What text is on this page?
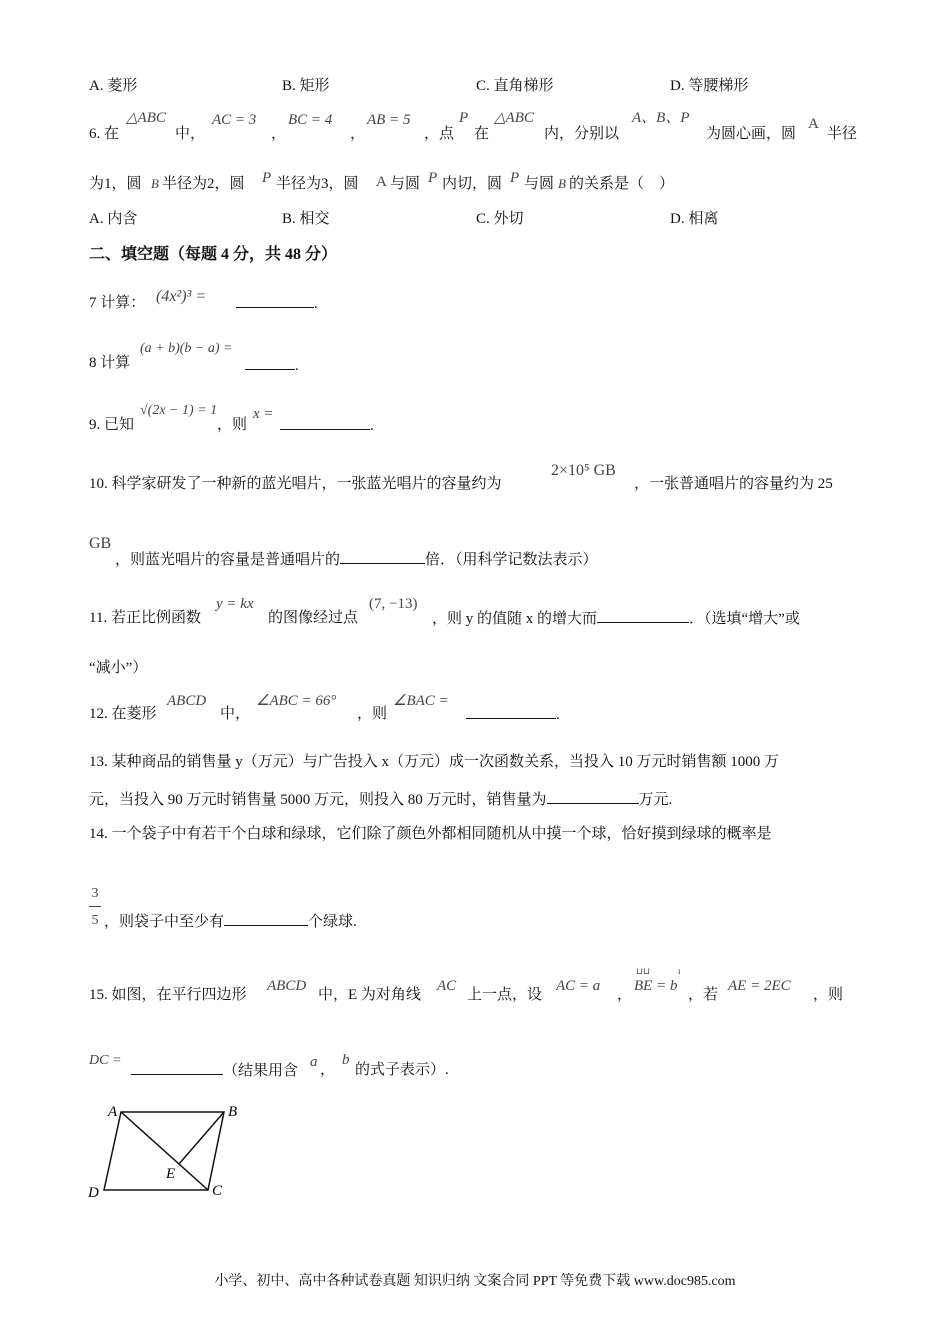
A. 菱形	B. 矩形	C. 直角梯形	D. 等腰梯形
6. 在
△ABC
中，
AC = 3
，
BC = 4
，
AB = 5
，点
P
在
△ABC
内，分别以
A、B、P
为圆心画，圆
A
半径
为1，圆 B 半径为2，圆 P 半径为3，圆 A 与圆 P 内切，圆 P 与圆 B 的关系是（　）
A. 内含	B. 相交	C. 外切	D. 相离
二、填空题（每题 4 分，共 48 分）
7 计算： (4x²)³ =	.
(a + b)(b − a) =
8 计算	.
9. 已知
√(2x − 1) = 1
，则
x =
.
10. 科学家研发了一种新的蓝光唱片，一张蓝光唱片的容量约为
2×10⁵ GB
，一张普通唱片的容量约为 25
GB
，则蓝光唱片的容量是普通唱片的	倍．（用科学记数法表示）
11. 若正比例函数
y = kx
的图像经过点
(7, −13)
，则 y 的值随 x 的增大而	．（选填“增大”或
“减小”）
12. 在菱形
ABCD
中，
∠ABC = 66°
，则
∠BAC =
.
13. 某种商品的销售量 y（万元）与广告投入 x（万元）成一次函数关系，当投入 10 万元时销售额 1000 万
元，当投入 90 万元时销售量 5000 万元，则投入 80 万元时，销售量为	万元.
14. 一个袋子中有若干个白球和绿球，它们除了颜色外都相同随机从中摸一个球，恰好摸到绿球的概率是
3
5 ，则袋子中至少有	个绿球.
15. 如图，在平行四边形
ABCD
中，E 为对角线
AC
上一点，设
AC = a
，
⊔⊔	ı
BE = b
，若
AE = 2EC
，则
DC =
（结果用含
a ，
b
的式子表示）.
A	B
C
D
E
小学、初中、高中各种试卷真题 知识归纳 文案合同 PPT 等免费下载 www.doc985.com
